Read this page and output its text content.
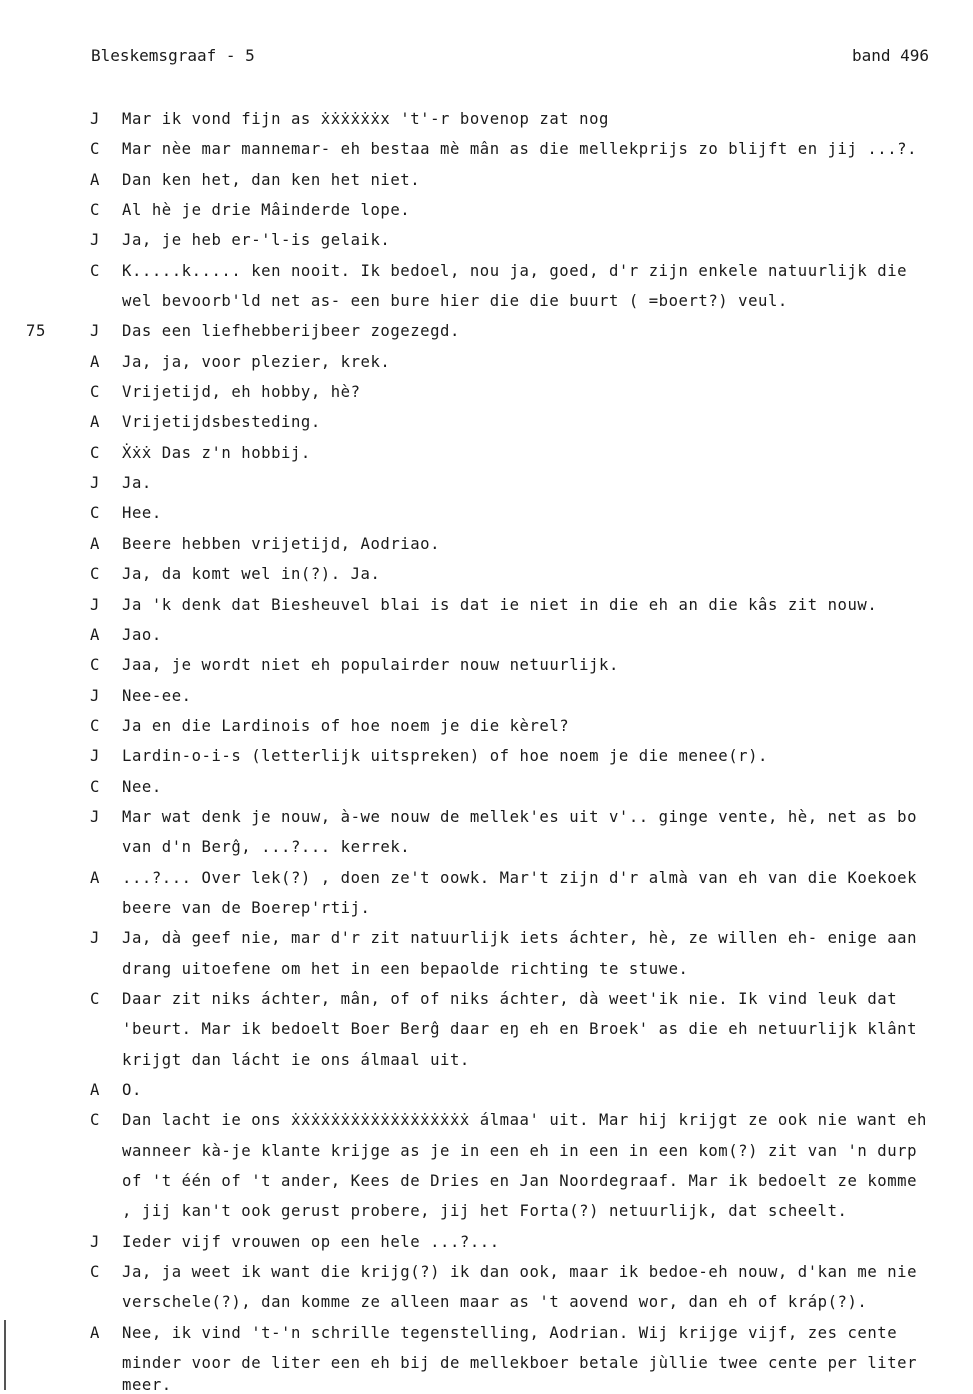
Bleskemsgraaf - 5	band 496
J Mar ik vond fijn as ẋẋẋẋẋẋx 't'-r bovenop zat nog
C Mar nèe mar mannemar- eh bestaa mè mân as die mellekprijs zo blijft en jij ...?.
A Dan ken het, dan ken het niet.
C Al hè je drie Mâinderde lope.
J Ja, je heb er-'l-is gelaik.
C K.....k..... ken nooit. Ik bedoel, nou ja, goed, d'r zijn enkele natuurlijk die
wel bevoorb'ld net as- een bure hier die die buurt ( =boert?) veul.
75	J Das een liefhebberijbeer zogezegd.
A Ja, ja, voor plezier, krek.
C Vrijetijd, eh hobby, hè?
A Vrijetijdsbesteding.
C Ẋẋẋ Das z'n hobbij.
J Ja.
C Hee.
A Beere hebben vrijetijd, Aodriao.
C Ja, da komt wel in(?). Ja.
J Ja 'k denk dat Biesheuvel blai is dat ie niet in die eh an die kâs zit nouw.
A Jao.
C Jaa, je wordt niet eh populairder nouw netuurlijk.
J Nee-ee.
C Ja en die Lardinois of hoe noem je die kèrel?
J Lardin-o-i-s (letterlijk uitspreken) of hoe noem je die menee(r).
C Nee.
J Mar wat denk je nouw, à-we nouw de mellek'es uit v'.. ginge vente, hè, net as bo
van d'n Berĝ, ...?... kerrek.
A ...?... Over lek(?) , doen ze't oowk. Mar't zijn d'r almà van eh van die Koekoek
beere van de Boerep'rtij.
J Ja, dà geef nie, mar d'r zit natuurlijk iets áchter, hè, ze willen eh- enige aan
drang uitoefene om het in een bepaolde richting te stuwe.
C Daar zit niks áchter, mân, of of niks áchter, dà weet'ik nie. Ik vind leuk dat
'beurt. Mar ik bedoelt Boer Berĝ daar eŋ eh en Broek' as die eh netuurlijk klânt
krijgt dan lácht ie ons álmaal uit.
A O.
C Dan lacht ie ons ẋẋẋẋẋẋẋẋẋẋẋẋẋẋẋẋẋẋ álmaa' uit. Mar hij krijgt ze ook nie want eh
wanneer kà-je klante krijge as je in een eh in een in een kom(?) zit van 'n durp
of 't één of 't ander, Kees de Dries en Jan Noordegraaf. Mar ik bedoelt ze komme
, jij kan't ook gerust probere, jij het Forta(?) netuurlijk, dat scheelt.
J Ieder vijf vrouwen op een hele ...?...
C Ja, ja weet ik want die krijg(?) ik dan ook, maar ik bedoe-eh nouw, d'kan me nie
verschele(?), dan komme ze alleen maar as 't aovend wor, dan eh of kráp(?).
A Nee, ik vind 't-'n schrille tegenstelling, Aodrian. Wij krijge vijf, zes cente
minder voor de liter een eh bij de mellekboer betale jùllie twee cente per liter
meer.
